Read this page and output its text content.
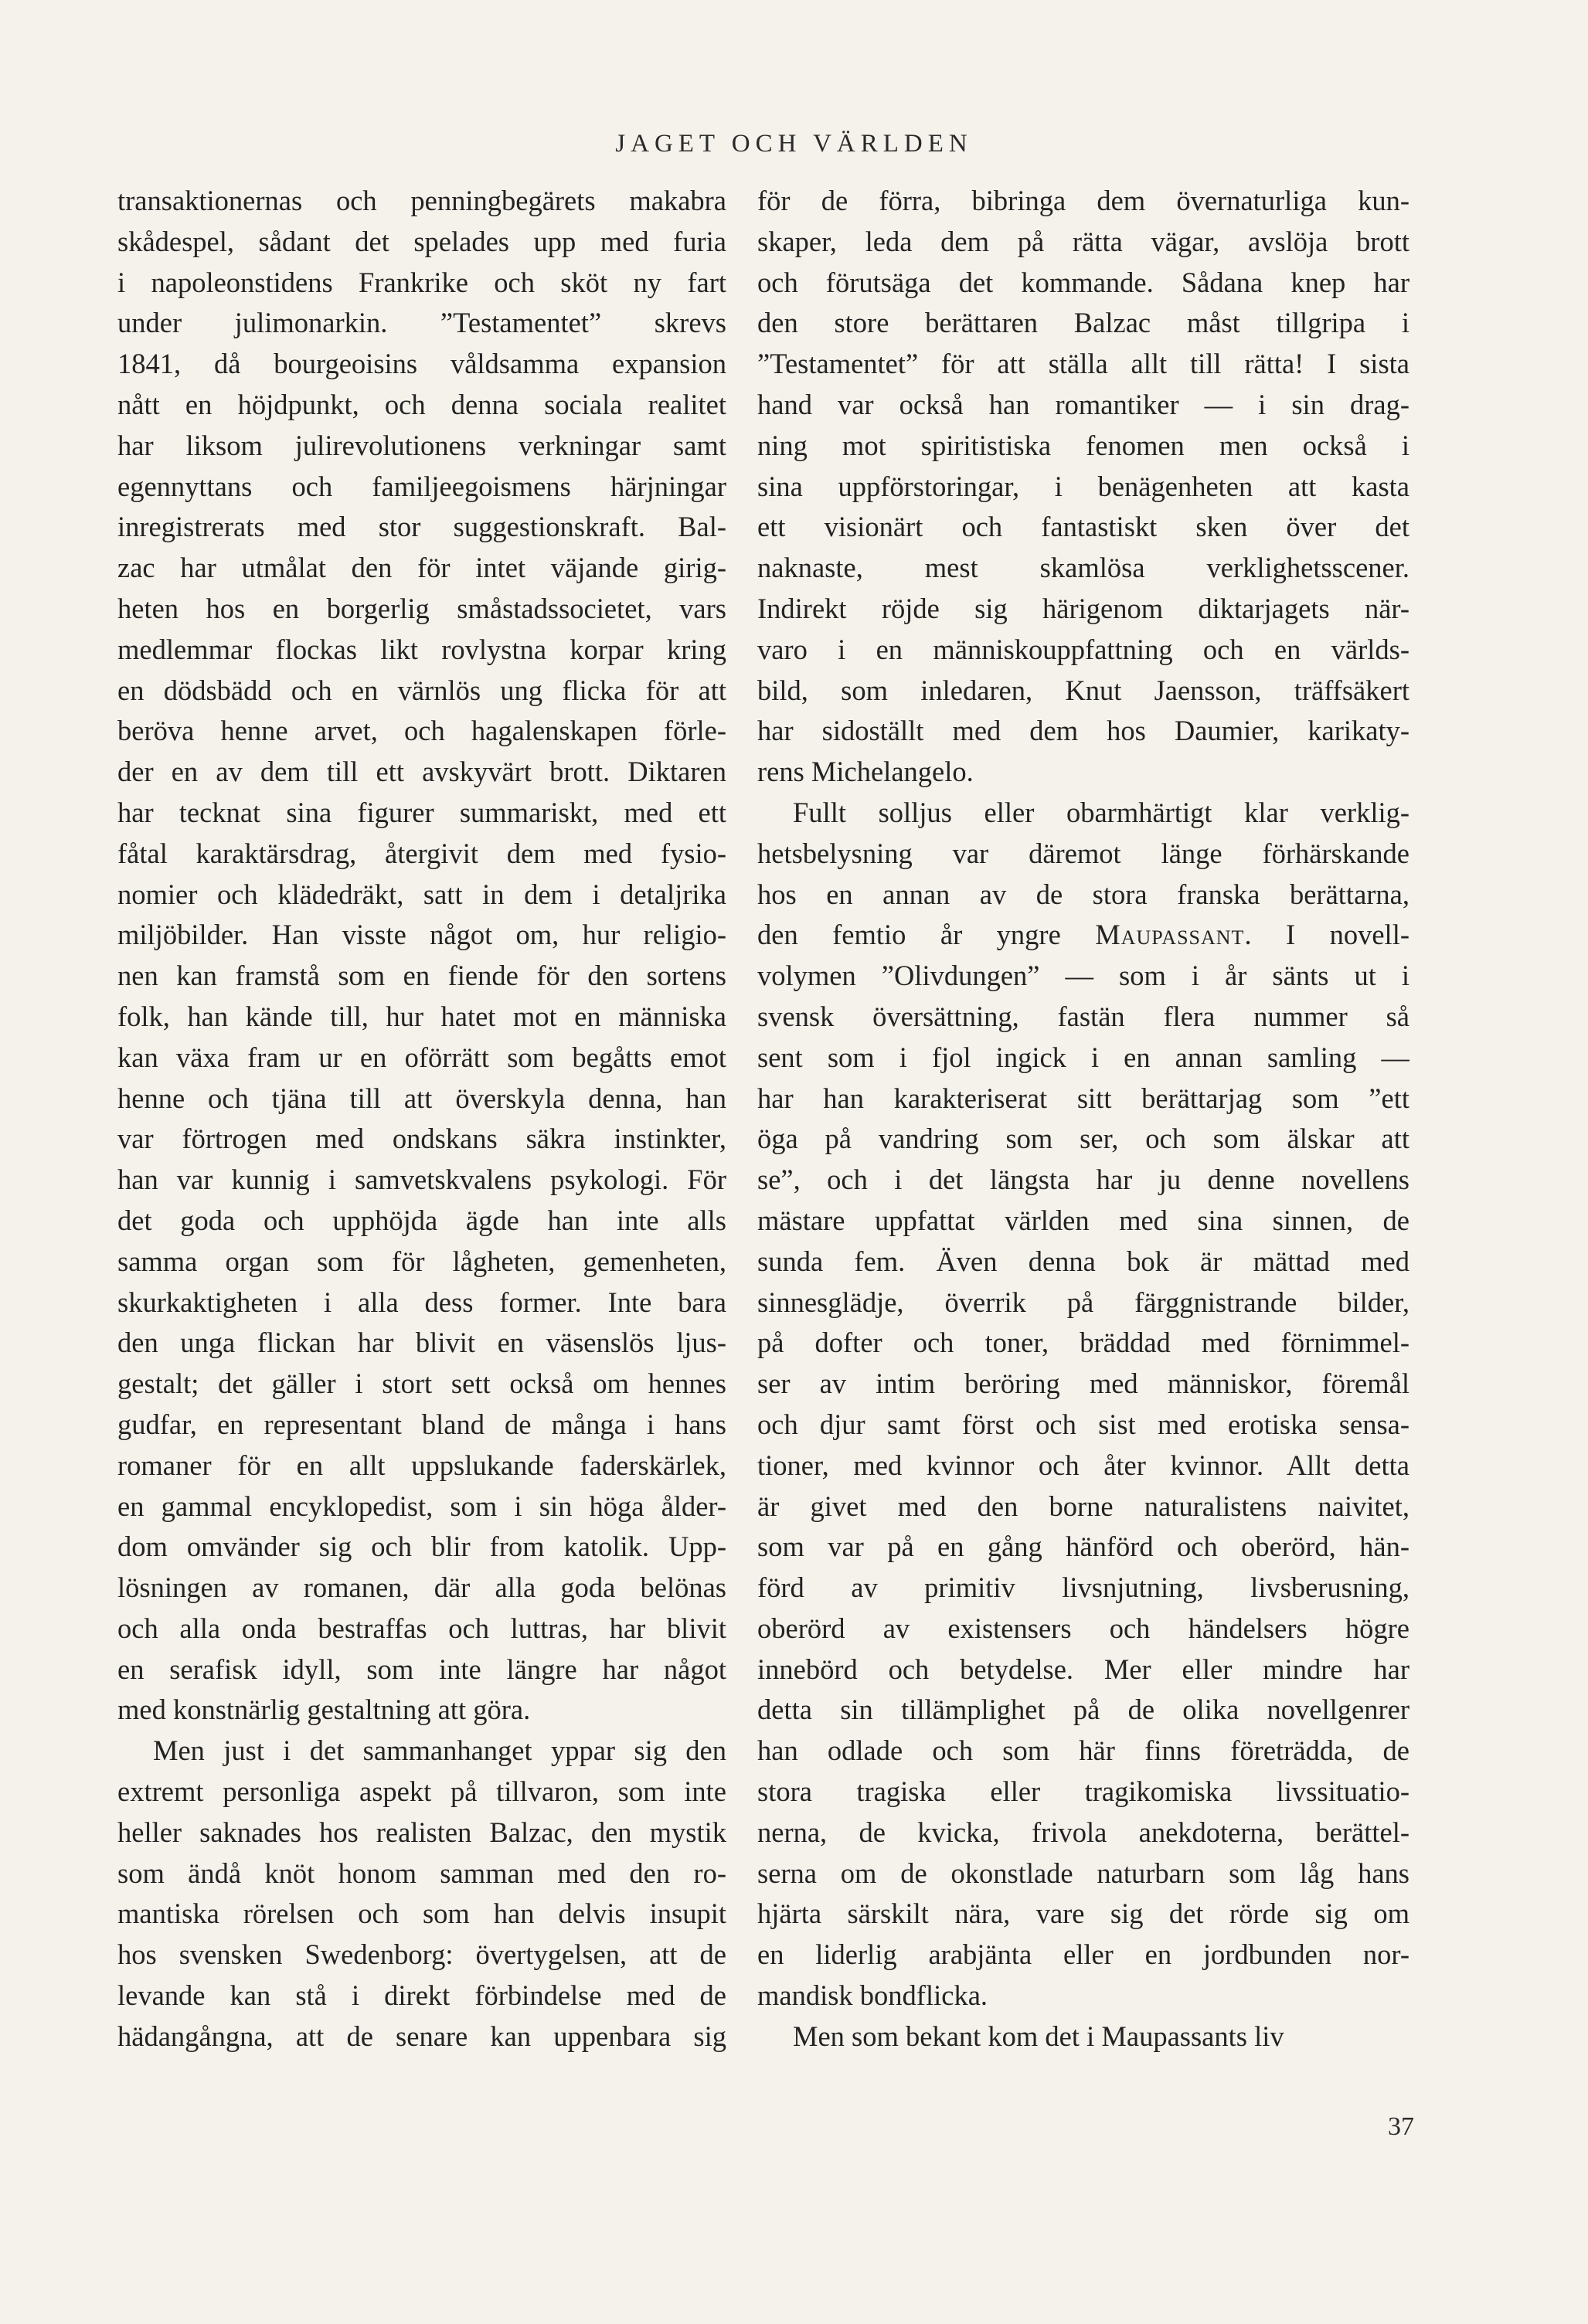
JAGET OCH VÄRLDEN
transaktionernas och penningbegärets makabra
skådespel, sådant det spelades upp med furia
i napoleonstidens Frankrike och sköt ny fart
under julimonarkin. ”Testamentet” skrevs
1841, då bourgeoisins våldsamma expansion
nått en höjdpunkt, och denna sociala realitet
har liksom julirevolutionens verkningar samt
egennyttans och familjeegoismens härjningar
inregistrerats med stor suggestionskraft. Bal-
zac har utmålat den för intet väjande girig-
heten hos en borgerlig småstadssocietet, vars
medlemmar flockas likt rovlystna korpar kring
en dödsbädd och en värnlös ung flicka för att
beröva henne arvet, och hagalenskapen förle-
der en av dem till ett avskyvärt brott. Diktaren
har tecknat sina figurer summariskt, med ett
fåtal karaktärsdrag, återgivit dem med fysio-
nomier och klädedräkt, satt in dem i detaljrika
miljöbilder. Han visste något om, hur religio-
nen kan framstå som en fiende för den sortens
folk, han kände till, hur hatet mot en människa
kan växa fram ur en oförrätt som begåtts emot
henne och tjäna till att överskyla denna, han
var förtrogen med ondskans säkra instinkter,
han var kunnig i samvetskvalens psykologi. För
det goda och upphöjda ägde han inte alls
samma organ som för lågheten, gemenheten,
skurkaktigheten i alla dess former. Inte bara
den unga flickan har blivit en väsenslös ljus-
gestalt; det gäller i stort sett också om hennes
gudfar, en representant bland de många i hans
romaner för en allt uppslukande faderskärlek,
en gammal encyklopedist, som i sin höga ålder-
dom omvänder sig och blir from katolik. Upp-
lösningen av romanen, där alla goda belönas
och alla onda bestraffas och luttras, har blivit
en serafisk idyll, som inte längre har något
med konstnärlig gestaltning att göra.
Men just i det sammanhanget yppar sig den
extremt personliga aspekt på tillvaron, som inte
heller saknades hos realisten Balzac, den mystik
som ändå knöt honom samman med den ro-
mantiska rörelsen och som han delvis insupit
hos svensken Swedenborg: övertygelsen, att de
levande kan stå i direkt förbindelse med de
hädangångna, att de senare kan uppenbara sig
för de förra, bibringa dem övernaturliga kun-
skaper, leda dem på rätta vägar, avslöja brott
och förutsäga det kommande. Sådana knep har
den store berättaren Balzac måst tillgripa i
”Testamentet” för att ställa allt till rätta! I sista
hand var också han romantiker — i sin drag-
ning mot spiritistiska fenomen men också i
sina uppförstoringar, i benägenheten att kasta
ett visionärt och fantastiskt sken över det
naknaste, mest skamlösa verklighetsscener.
Indirekt röjde sig härigenom diktarjagets när-
varo i en människouppfattning och en världs-
bild, som inledaren, Knut Jaensson, träffsäkert
har sidoställt med dem hos Daumier, karikaty-
rens Michelangelo.
Fullt solljus eller obarmhärtigt klar verklig-
hetsbelysning var däremot länge förhärskande
hos en annan av de stora franska berättarna,
den femtio år yngre Maupassant. I novell-
volymen ”Olivdungen” — som i år sänts ut i
svensk översättning, fastän flera nummer så
sent som i fjol ingick i en annan samling —
har han karakteriserat sitt berättarjag som ”ett
öga på vandring som ser, och som älskar att
se”, och i det längsta har ju denne novellens
mästare uppfattat världen med sina sinnen, de
sunda fem. Även denna bok är mättad med
sinnesglädje, överrik på färggnistrande bilder,
på dofter och toner, bräddad med förnimmel-
ser av intim beröring med människor, föremål
och djur samt först och sist med erotiska sensa-
tioner, med kvinnor och åter kvinnor. Allt detta
är givet med den borne naturalistens naivitet,
som var på en gång hänförd och oberörd, hän-
förd av primitiv livsnjutning, livsberusning,
oberörd av existensers och händelsers högre
innebörd och betydelse. Mer eller mindre har
detta sin tillämplighet på de olika novellgenrer
han odlade och som här finns företrädda, de
stora tragiska eller tragikomiska livssituatio-
nerna, de kvicka, frivola anekdoterna, berättel-
serna om de okonstlade naturbarn som låg hans
hjärta särskilt nära, vare sig det rörde sig om
en liderlig arabjänta eller en jordbunden nor-
mandisk bondflicka.
Men som bekant kom det i Maupassants liv
37
